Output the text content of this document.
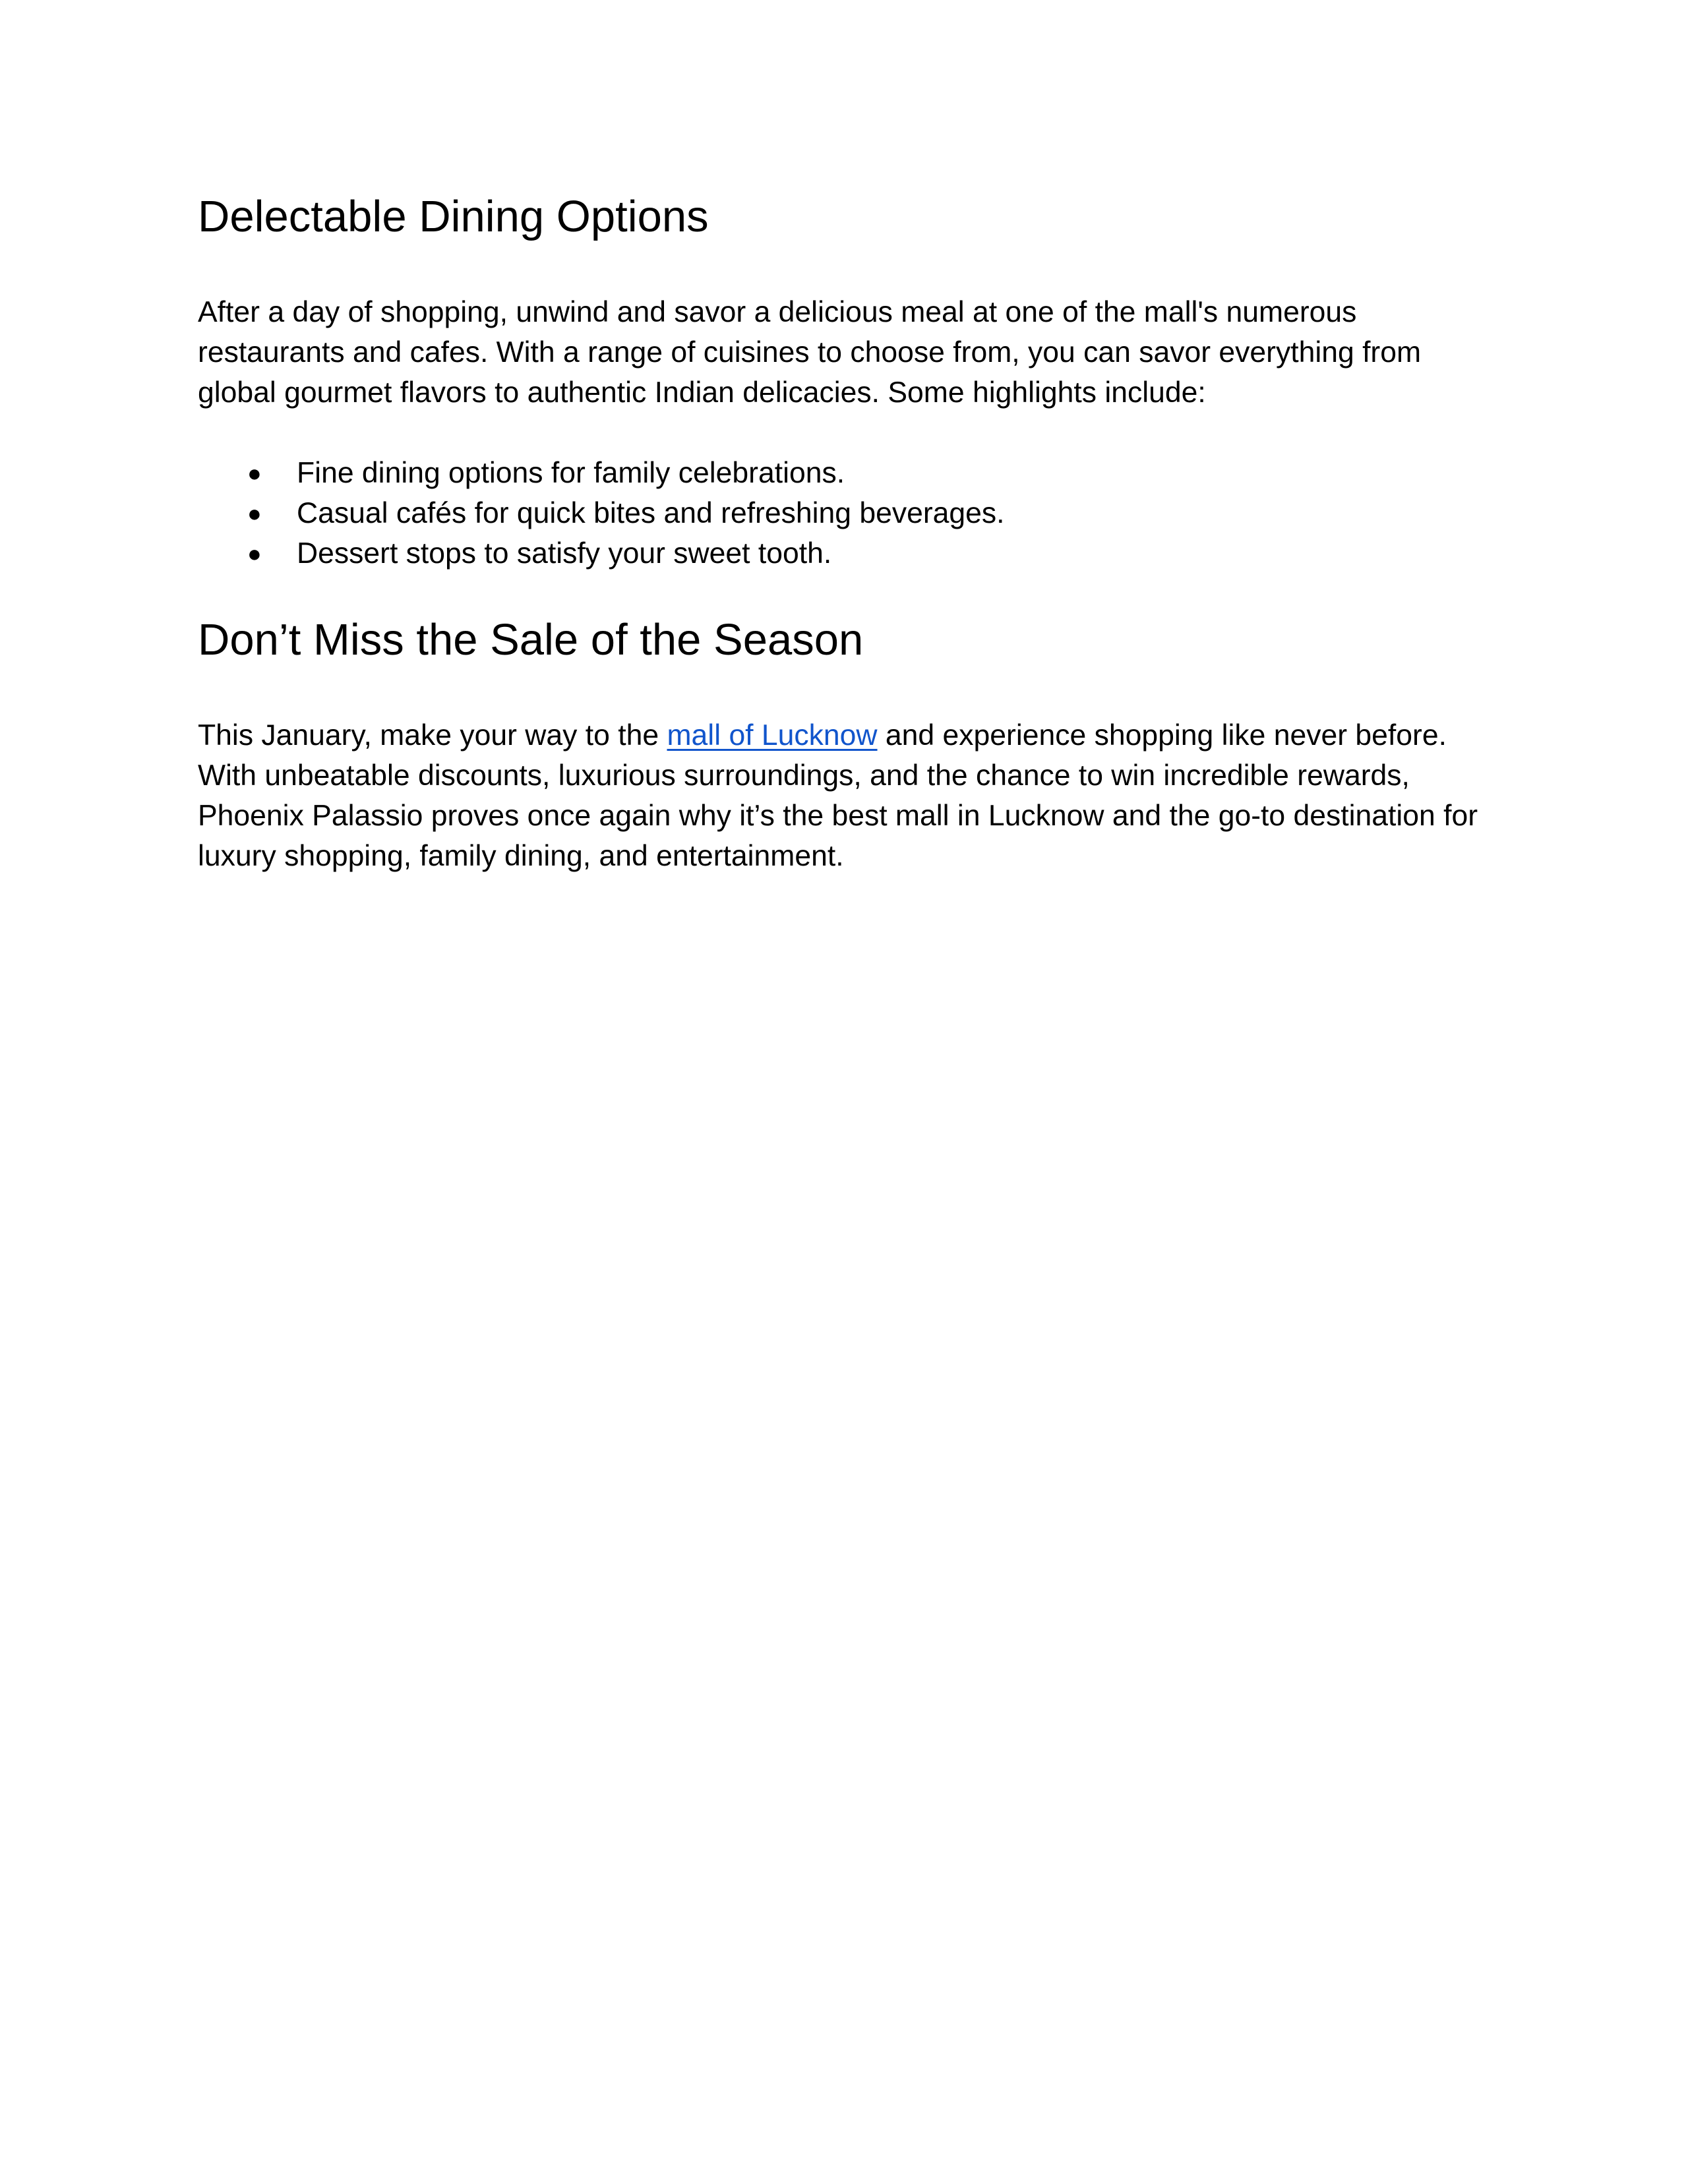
Delectable Dining Options

After a day of shopping, unwind and savor a delicious meal at one of the mall's numerous restaurants and cafes. With a range of cuisines to choose from, you can savor everything from global gourmet flavors to authentic Indian delicacies. Some highlights include:

●	Fine dining options for family celebrations.
●	Casual cafés for quick bites and refreshing beverages.
●	Dessert stops to satisfy your sweet tooth.
Don’t Miss the Sale of the Season

This January, make your way to the mall of Lucknow and experience shopping like never before. With unbeatable discounts, luxurious surroundings, and the chance to win incredible rewards, Phoenix Palassio proves once again why it’s the best mall in Lucknow and the go-to destination for luxury shopping, family dining, and entertainment.
